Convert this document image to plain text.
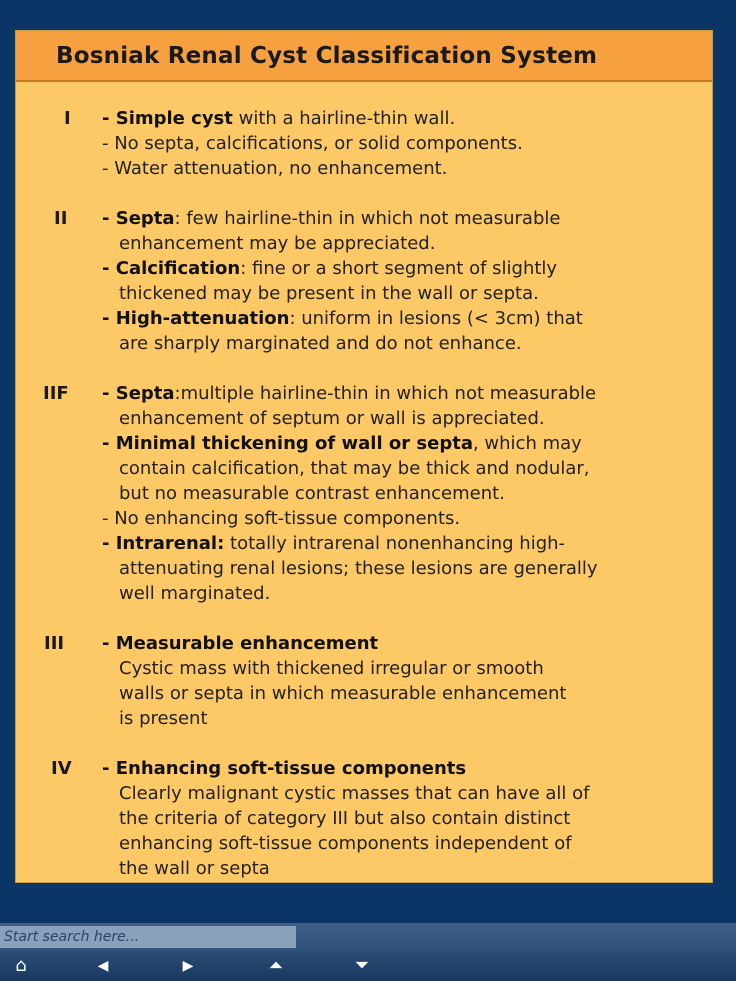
Bosniak Renal Cyst Classification System
I - Simple cyst with a hairline-thin wall.
- No septa, calcifications, or solid components.
- Water attenuation, no enhancement.
II - Septa: few hairline-thin in which not measurable
enhancement may be appreciated.
- Calcification: fine or a short segment of slightly
thickened may be present in the wall or septa.
- High-attenuation: uniform in lesions (< 3cm) that
are sharply marginated and do not enhance.
IIF - Septa:multiple hairline-thin in which not measurable
enhancement of septum or wall is appreciated.
- Minimal thickening of wall or septa, which may
contain calcification, that may be thick and nodular,
but no measurable contrast enhancement.
- No enhancing soft-tissue components.
- Intrarenal: totally intrarenal nonenhancing high-
attenuating renal lesions; these lesions are generally
well marginated.
III - Measurable enhancement
Cystic mass with thickened irregular or smooth
walls or septa in which measurable enhancement
is present
IV - Enhancing soft-tissue components
Clearly malignant cystic masses that can have all of
the criteria of category III but also contain distinct
enhancing soft-tissue components independent of
the wall or septa
Start search here...
⌂	◀	▶	⏶	⏷
